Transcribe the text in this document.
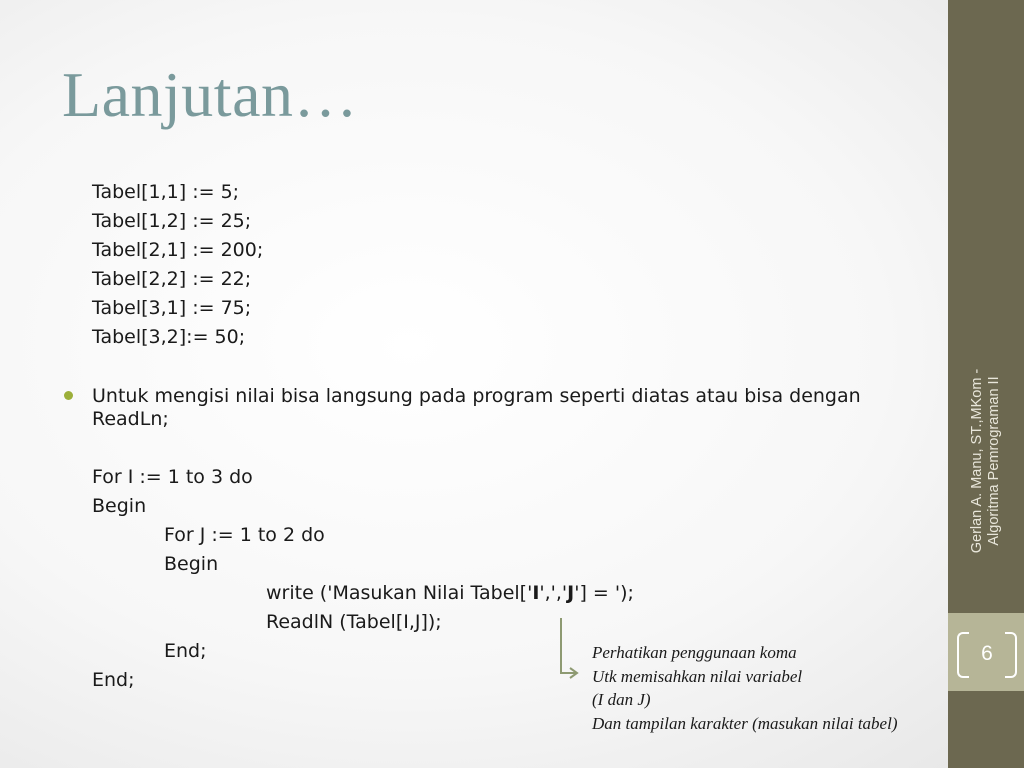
Lanjutan…
Tabel[1,1] := 5;
Tabel[1,2] := 25;
Tabel[2,1] := 200;
Tabel[2,2] := 22;
Tabel[3,1] := 75;
Tabel[3,2]:= 50;
Untuk mengisi nilai bisa langsung pada program seperti diatas atau bisa dengan
ReadLn;
For I := 1 to 3 do
Begin
For J := 1 to 2 do
Begin
write ('Masukan Nilai Tabel['I',','J'] = ');
ReadlN (Tabel[I,J]);
End;
End;
Perhatikan penggunaan koma
Utk memisahkan nilai variabel
(I dan J)
Dan tampilan karakter (masukan nilai tabel)
Gerlan A. Manu, ST.,MKom - Algoritma Pemrograman II
6
